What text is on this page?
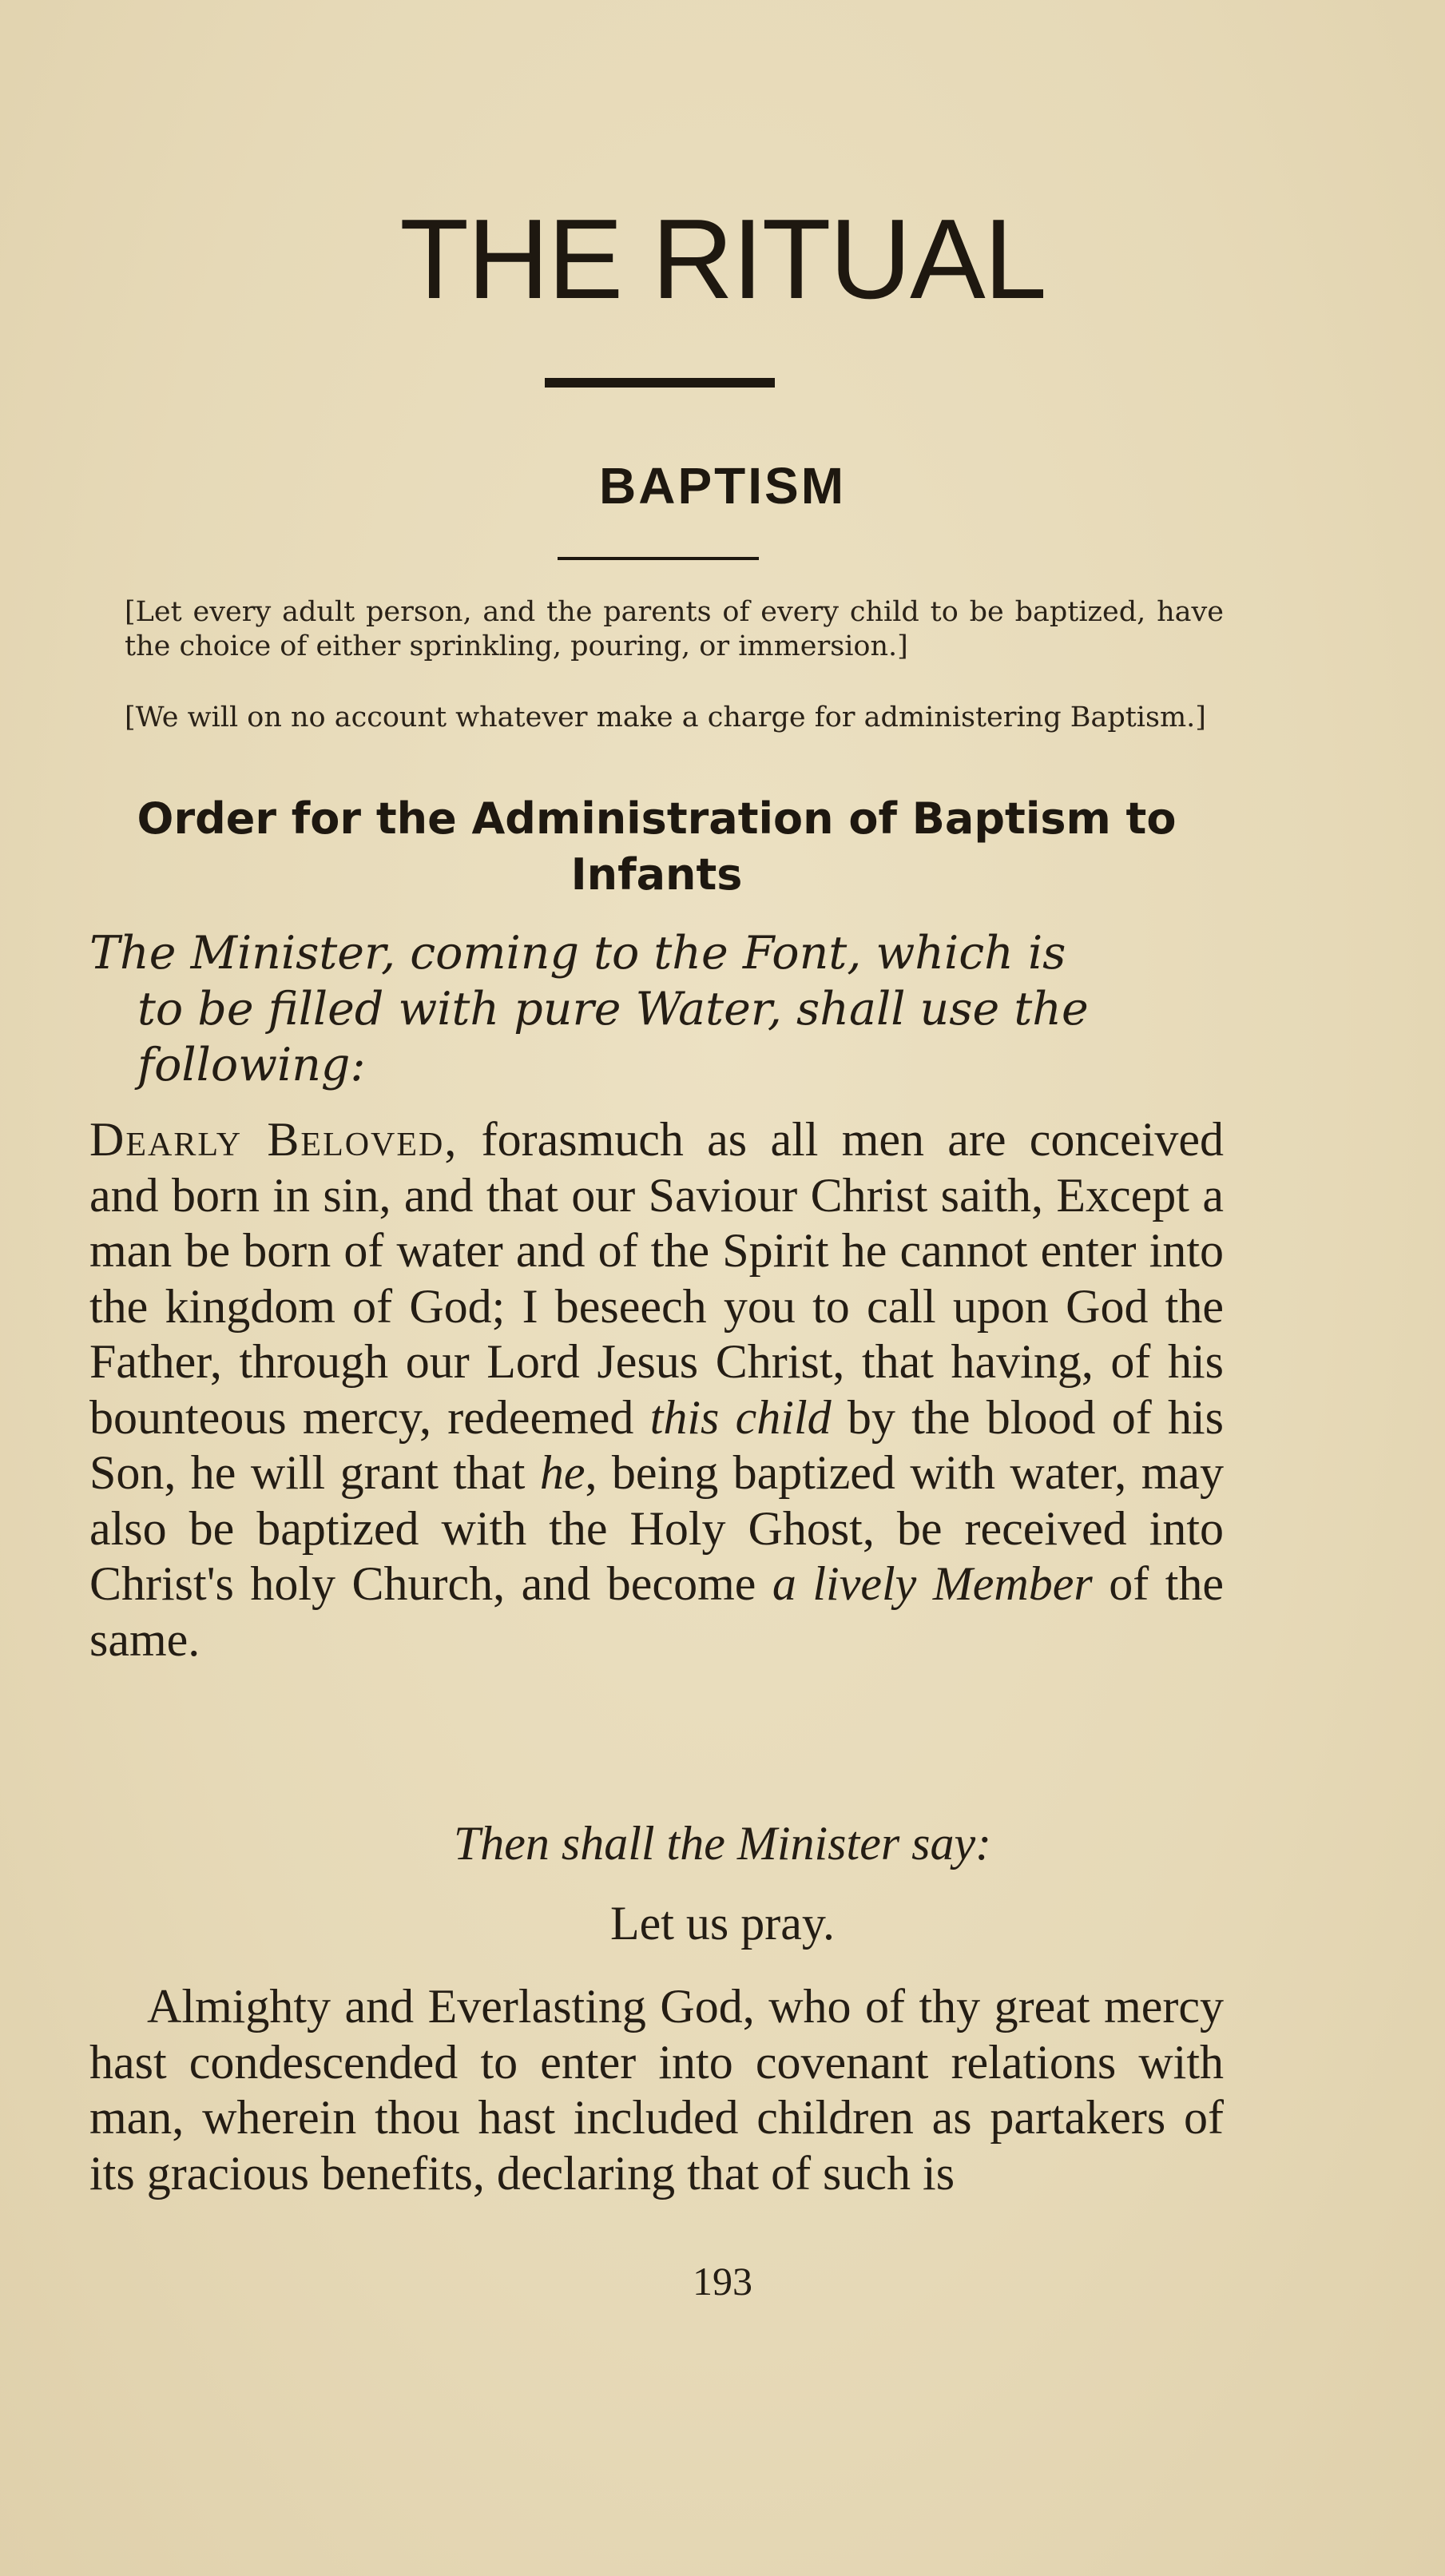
THE RITUAL
BAPTISM
[Let every adult person, and the parents of every child to be baptized, have the choice of either sprinkling, pouring, or immersion.]
[We will on no account whatever make a charge for administering Baptism.]
Order for the Administration of Baptism to Infants
The Minister, coming to the Font, which is
to be filled with pure Water, shall use the
following:
Dearly Beloved, forasmuch as all men are conceived and born in sin, and that our Saviour Christ saith, Except a man be born of water and of the Spirit he cannot enter into the kingdom of God; I beseech you to call upon God the Father, through our Lord Jesus Christ, that having, of his bounteous mercy, redeemed this child by the blood of his Son, he will grant that he, being baptized with water, may also be baptized with the Holy Ghost, be received into Christ's holy Church, and become a lively Member of the same.
Then shall the Minister say:
Let us pray.
Almighty and Everlasting God, who of thy great mercy hast condescended to enter into covenant relations with man, wherein thou hast included children as partakers of its gracious benefits, declaring that of such is
193
